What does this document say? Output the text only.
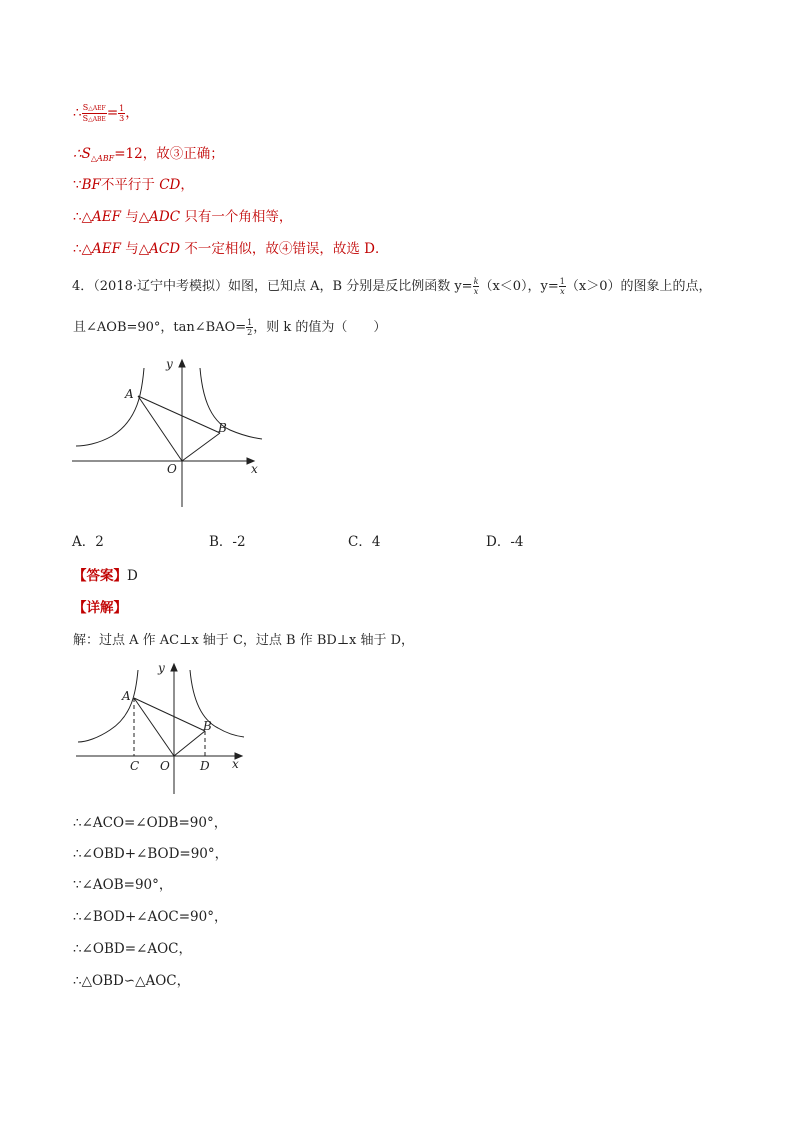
∴ $\frac{\text{S△AEF}}{\text{S△ABE}} = \frac{1}{3}$ ，
$\therefore S_{\triangle ABF}=12$，故③正确；
∵BF不平行于 CD，
∴△AEF 与△ADC 只有一个角相等，
∴△AEF 与△ACD 不一定相似，故④错误，故选 D．
4．（2018·辽宁中考模拟）如图，已知点 A，B 分别是反比例函数 $y= \frac{k}{x} (x<0)$，$y= \frac{1}{x} (x>0)$的图象上的点，
且∠AOB=90°，tan∠BAO= $\frac{1}{2}$ ，则 k 的值为（　　）
y
A
B
O	x
A．2	B．-2	C．4	D．-4
【答案】D
【详解】
解：过点 A 作 AC⊥x 轴于 C，过点 B 作 BD⊥x 轴于 D，
y
A
B
C O	D x
∴∠ACO=∠ODB=90°，
∴∠OBD+∠BOD=90°，
∵∠AOB=90°，
∴∠BOD+∠AOC=90°，
∴∠OBD=∠AOC，
∴△OBD∽△AOC，
